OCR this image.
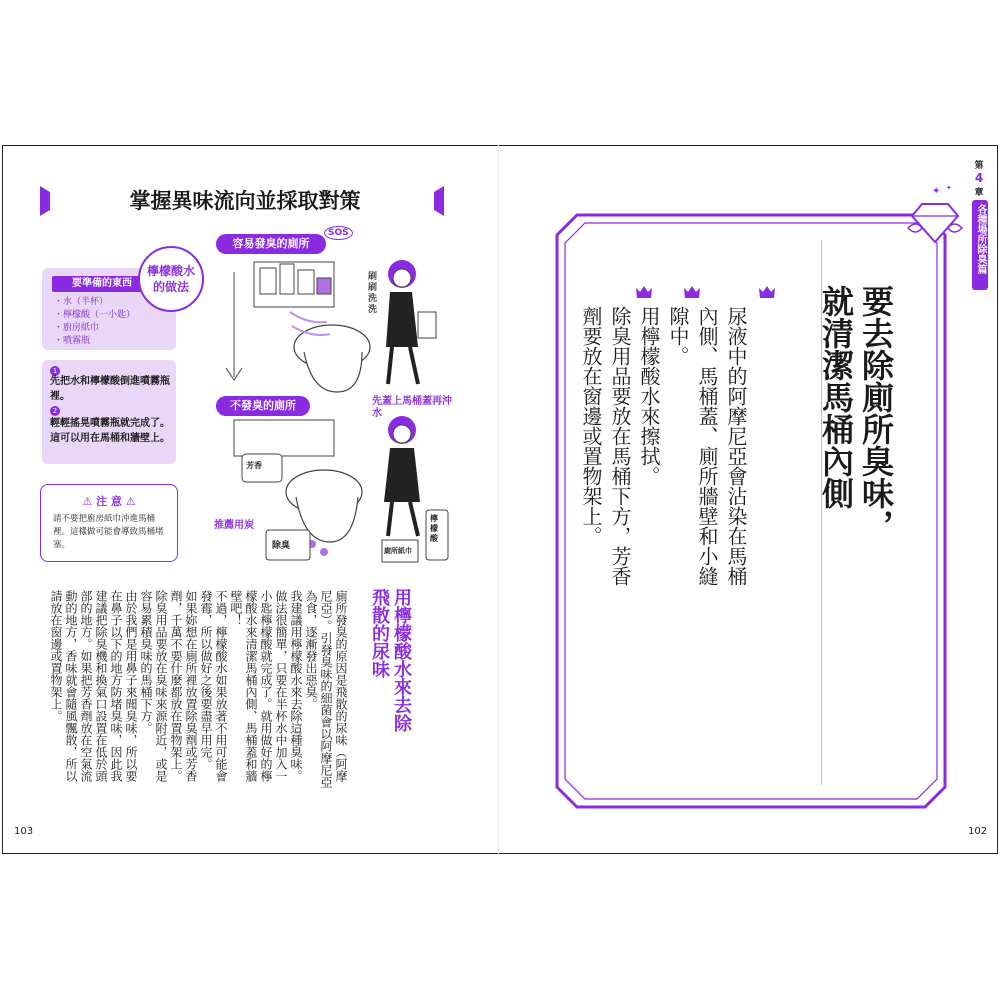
掌握異味流向並採取對策
要準備的東西
・水（半杯）
・檸檬酸（一小匙）
・廚房紙巾
・噴霧瓶
檸檬酸水的做法
1
先把水和檸檬酸倒進噴霧瓶裡。
2
輕輕搖晃噴霧瓶就完成了。這可以用在馬桶和牆壁上。
⚠ 注 意 ⚠
請不要把廚房紙巾沖進馬桶裡。這樣做可能會導致馬桶堵塞。
容易發臭的廁所
SOS
不發臭的廁所	先蓋上馬桶蓋再沖水
推薦用炭
刷刷 洗洗
檸檬酸
除臭	廁所紙巾
芳香
用檸檬酸水來去除飛散的尿味

廁所發臭的原因是飛散的尿味（阿摩尼亞）。引發臭味的細菌會以阿摩尼亞為食，逐漸發出惡臭。

我建議用檸檬酸水來去除這種臭味。做法很簡單，只要在半杯水中加入一小匙檸檬酸就完成了。就用做好的檸檬酸水來清潔馬桶內側、馬桶蓋和牆壁吧！

不過，檸檬酸水如果放著不用可能會發霉，所以做好之後要盡早用完。

如果妳想在廁所裡放置除臭劑或芳香劑，千萬不要什麼都放在置物架上。除臭用品要放在臭味來源附近，或是容易累積臭味的馬桶下方。

由於我們是用鼻子來聞臭味，所以要在鼻子以下的地方防堵臭味，因此我建議把除臭機和換氣口設置在低於頭部的地方。如果把芳香劑放在空氣流動的地方，香味就會隨風飄散，所以請放在窗邊或置物架上。

103
✦ ✦
要去除廁所臭味，
就清潔馬桶內側

尿液中的阿摩尼亞會沾染在馬桶內側、馬桶蓋、廁所牆壁和小縫隙中。

用檸檬酸水來擦拭。

除臭用品要放在馬桶下方，芳香劑要放在窗邊或置物架上。

第
4
章
各種場所除臭篇
102
